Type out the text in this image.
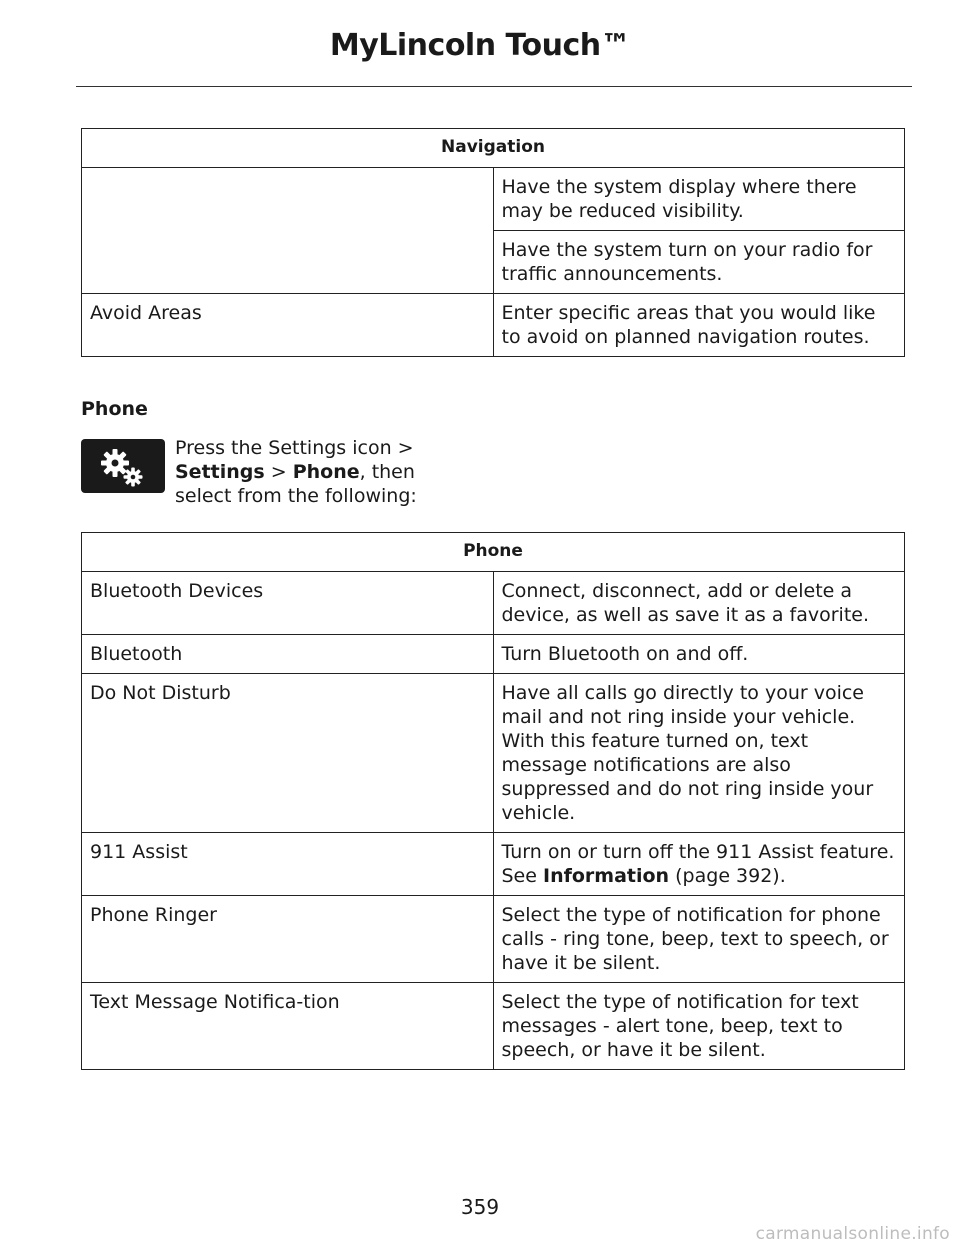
MyLincoln Touch™
Navigation	
	Have the system display where there may be reduced visibility.
	Have the system turn on your radio for traffic announcements.
Avoid Areas	Enter specific areas that you would like to avoid on planned navigation routes.
Phone
Press the Settings icon >
Settings > Phone, then select from the following:
Phone	
Bluetooth Devices	Connect, disconnect, add or delete a device, as well as save it as a favorite.
Bluetooth	Turn Bluetooth on and off.
Do Not Disturb	Have all calls go directly to your voice mail and not ring inside your vehicle. With this feature turned on, text message notifications are also suppressed and do not ring inside your vehicle.
911 Assist	Turn on or turn off the 911 Assist feature. See Information (page 392).
Phone Ringer	Select the type of notification for phone calls - ring tone, beep, text to speech, or have it be silent.
Text Message Notifica-tion	Select the type of notification for text messages - alert tone, beep, text to speech, or have it be silent.
359
carmanualsonline.info
